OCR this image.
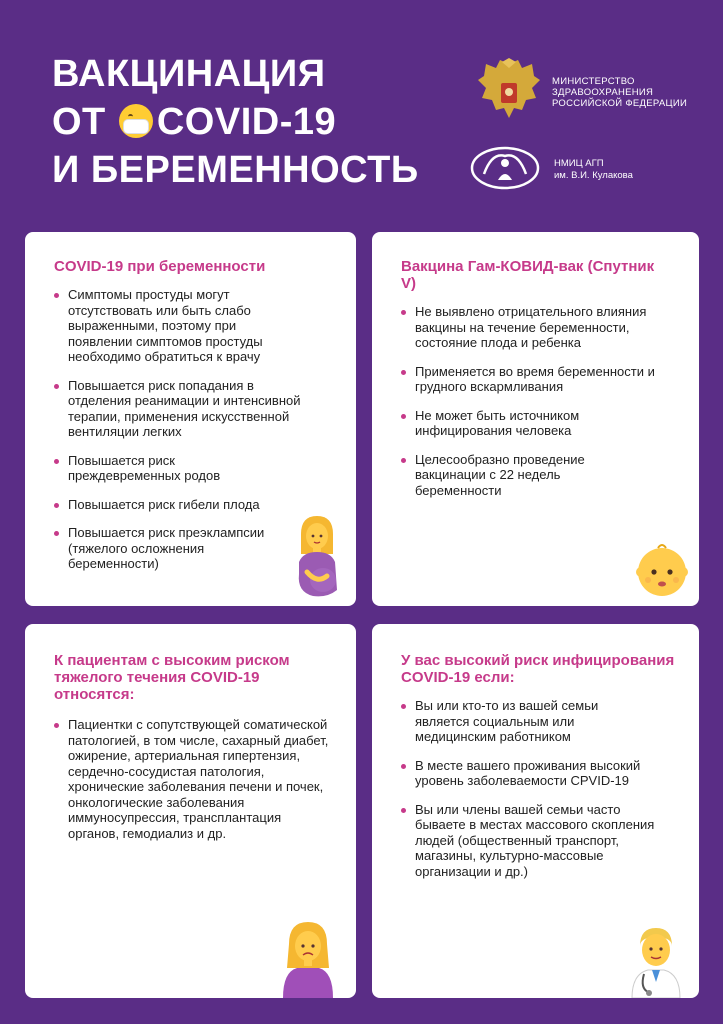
ВАКЦИНАЦИЯ
ОТ COVID-19
И БЕРЕМЕННОСТЬ
МИНИСТЕРСТВО
ЗДРАВООХРАНЕНИЯ
РОССИЙСКОЙ ФЕДЕРАЦИИ
НМИЦ АГП
им. В.И. Кулакова
COVID-19 при беременности
Симптомы простуды могут отсутствовать или быть слабо выраженными, поэтому при появлении симптомов простуды необходимо обратиться к врачу
Повышается риск попадания в отделения реанимации и интенсивной терапии, применения искусственной вентиляции легких
Повышается риск преждевременных родов
Повышается риск гибели плода
Повышается риск преэклампсии (тяжелого осложнения беременности)
Вакцина Гам-КОВИД-вак (Спутник V)
Не выявлено отрицательного влияния вакцины на течение беременности, состояние плода и ребенка
Применяется во время беременности и грудного вскармливания
Не может быть источником инфицирования человека
Целесообразно проведение вакцинации с 22 недель беременности
К пациентам с высоким риском тяжелого течения COVID-19 относятся:
Пациентки с сопутствующей соматической патологией, в том числе, сахарный диабет, ожирение, артериальная гипертензия, сердечно-сосудистая патология, хронические заболевания печени и почек, онкологические заболевания иммуносупрессия, трансплантация органов, гемодиализ и др.
У вас высокий риск инфицирования COVID-19 если:
Вы или кто-то из вашей семьи является социальным или медицинским работником
В месте вашего проживания высокий уровень заболеваемости CPVID-19
Вы или члены вашей семьи часто бываете в местах массового скопления людей (общественный транспорт, магазины, культурно-массовые организации и др.)
